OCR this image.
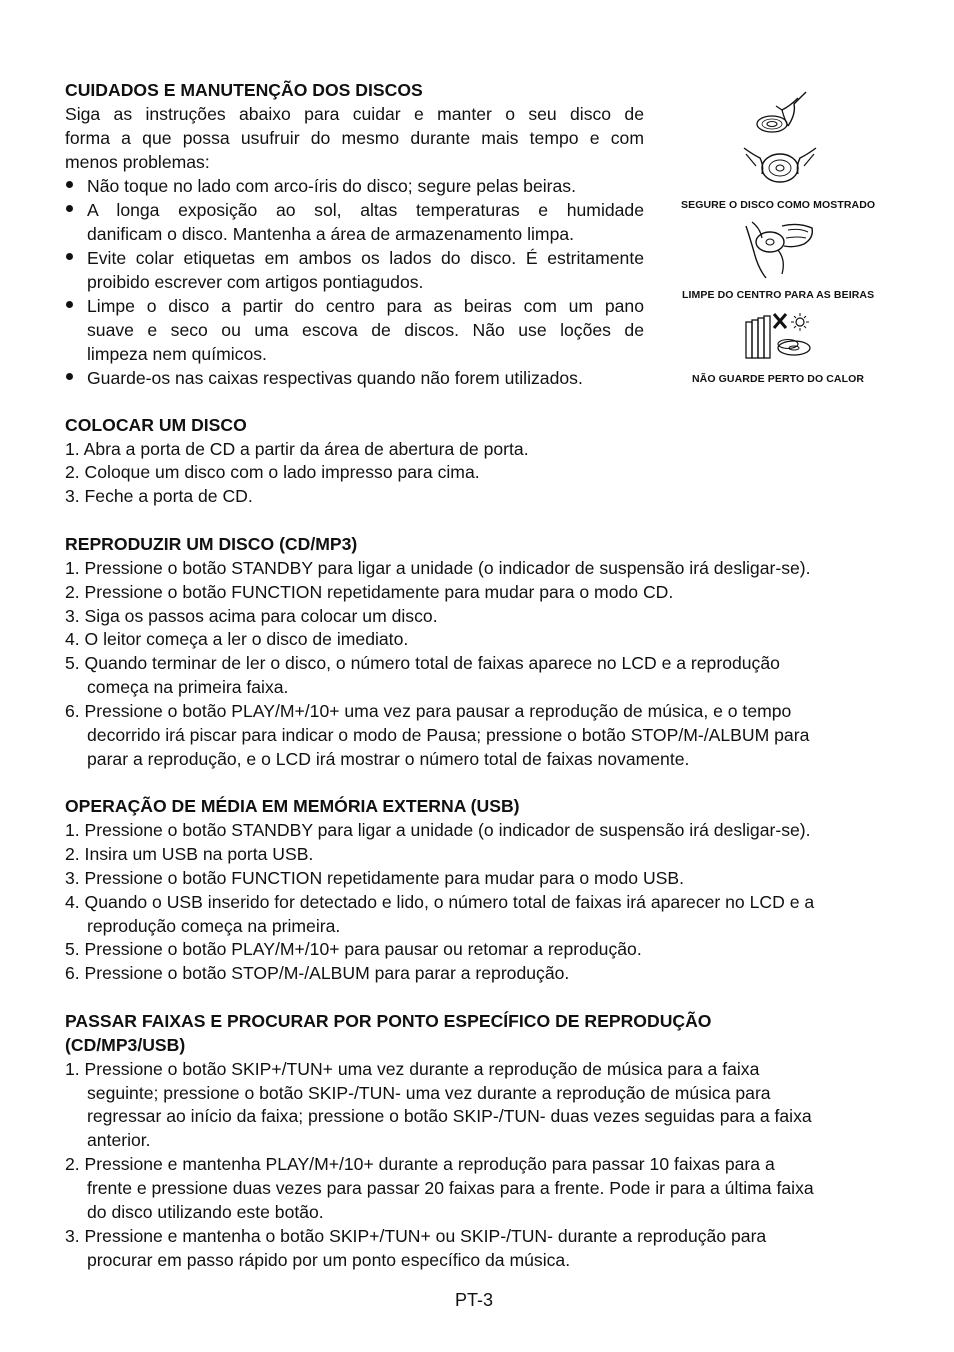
CUIDADOS E MANUTENÇÃO DOS DISCOS
Siga as instruções abaixo para cuidar e manter o seu disco de
forma a que possa usufruir do mesmo durante mais tempo e com
menos problemas:
Não toque no lado com arco-íris do disco; segure pelas beiras.
A longa exposição ao sol, altas temperaturas e humidade
danificam o disco. Mantenha a área de armazenamento limpa.
Evite colar etiquetas em ambos os lados do disco. É estritamente
proibido escrever com artigos pontiagudos.
Limpe o disco a partir do centro para as beiras com um pano
suave e seco ou uma escova de discos. Não use loções de
limpeza nem químicos.
Guarde-os nas caixas respectivas quando não forem utilizados.
SEGURE O DISCO COMO MOSTRADO
LIMPE DO CENTRO PARA AS BEIRAS
NÃO GUARDE PERTO DO CALOR
COLOCAR UM DISCO
1. Abra a porta de CD a partir da área de abertura de porta.
2. Coloque um disco com o lado impresso para cima.
3. Feche a porta de CD.
REPRODUZIR UM DISCO (CD/MP3)
1. Pressione o botão STANDBY para ligar a unidade (o indicador de suspensão irá desligar-se).
2. Pressione o botão FUNCTION repetidamente para mudar para o modo CD.
3. Siga os passos acima para colocar um disco.
4. O leitor começa a ler o disco de imediato.
5. Quando terminar de ler o disco, o número total de faixas aparece no LCD e a reprodução
começa na primeira faixa.
6. Pressione o botão PLAY/M+/10+ uma vez para pausar a reprodução de música, e o tempo
decorrido irá piscar para indicar o modo de Pausa; pressione o botão STOP/M-/ALBUM para
parar a reprodução, e o LCD irá mostrar o número total de faixas novamente.
OPERAÇÃO DE MÉDIA EM MEMÓRIA EXTERNA (USB)
1. Pressione o botão STANDBY para ligar a unidade (o indicador de suspensão irá desligar-se).
2. Insira um USB na porta USB.
3. Pressione o botão FUNCTION repetidamente para mudar para o modo USB.
4. Quando o USB inserido for detectado e lido, o número total de faixas irá aparecer no LCD e a
reprodução começa na primeira.
5. Pressione o botão PLAY/M+/10+ para pausar ou retomar a reprodução.
6. Pressione o botão STOP/M-/ALBUM para parar a reprodução.
PASSAR FAIXAS E PROCURAR POR PONTO ESPECÍFICO DE REPRODUÇÃO
(CD/MP3/USB)
1. Pressione o botão SKIP+/TUN+ uma vez durante a reprodução de música para a faixa
seguinte; pressione o botão SKIP-/TUN- uma vez durante a reprodução de música para
regressar ao início da faixa; pressione o botão SKIP-/TUN- duas vezes seguidas para a faixa
anterior.
2. Pressione e mantenha PLAY/M+/10+ durante a reprodução para passar 10 faixas para a
frente e pressione duas vezes para passar 20 faixas para a frente. Pode ir para a última faixa
do disco utilizando este botão.
3. Pressione e mantenha o botão SKIP+/TUN+ ou SKIP-/TUN- durante a reprodução para
procurar em passo rápido por um ponto específico da música.
PT-3
